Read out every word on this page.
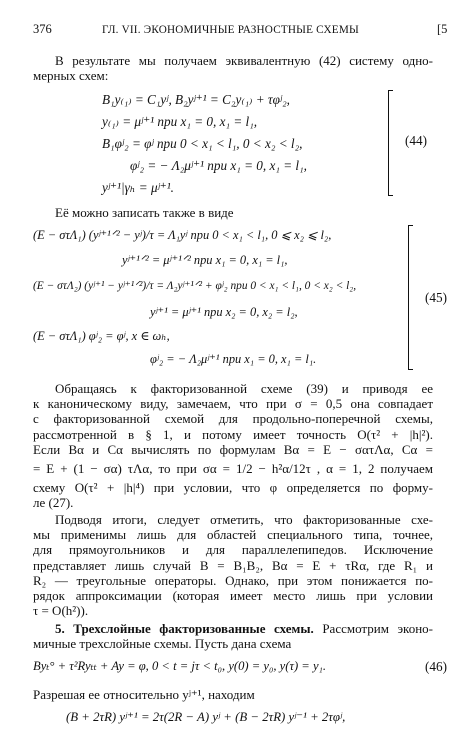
376	ГЛ. VII. ЭКОНОМИЧНЫЕ РАЗНОСТНЫЕ СХЕМЫ	[5
В результате мы получаем эквивалентную (42) систему одно-
мерных схем:
B₁y₍₁₎ = C₁yʲ, B₂yʲ⁺¹ = C₂y₍₁₎ + τφʲ₂,
y₍₁₎ = μʲ⁺¹ при x₁ = 0, x₁ = l₁,
B₁φʲ₂ = φʲ при 0 < x₁ < l₁, 0 < x₂ < l₂,
φʲ₂ = − Λ₂μʲ⁺¹ при x₁ = 0, x₁ = l₁,
yʲ⁺¹|γₕ = μʲ⁺¹.
(44)
Её можно записать также в виде
(E − στΛ₁) (yʲ⁺¹ᐟ² − yʲ)/τ = Λ₁yʲ при 0 < x₁ < l₁, 0 ⩽ x₂ ⩽ l₂,
yʲ⁺¹ᐟ² = μʲ⁺¹ᐟ² при x₁ = 0, x₁ = l₁,
(E − στΛ₂) (yʲ⁺¹ − yʲ⁺¹ᐟ²)/τ = Λ₂yʲ⁺¹ᐟ² + φʲ₂ при 0 < x₁ < l₁, 0 < x₂ < l₂,
yʲ⁺¹ = μʲ⁺¹ при x₂ = 0, x₂ = l₂,
(E − στΛ₁) φʲ₂ = φʲ, x ∈ ωₕ,
φʲ₂ = − Λ₂μʲ⁺¹ при x₁ = 0, x₁ = l₁.
(45)
Обращаясь к факторизованной схеме (39) и приводя ее
к каноническому виду, замечаем, что при σ = 0,5 она совпадает
с факторизованной схемой для продольно-поперечной схемы,
рассмотренной в § 1, и потому имеет точность O(τ² + |h|²).
Если Bα и Cα вычислять по формулам Bα = E − σατΛα, Cα =
= E + (1 − σα) τΛα, то при σα = 1/2 − h²α/12τ , α = 1, 2 получаем
схему O(τ² + |h|⁴) при условии, что φ определяется по форму-
ле (27).
Подводя итоги, следует отметить, что факторизованные схе-
мы применимы лишь для областей специального типа, точнее,
для прямоугольников и для параллелепипедов. Исключение
представляет лишь случай B = B₁B₂, Bα = E + τRα, где R₁ и
R₂ — треугольные операторы. Однако, при этом понижается по-
рядок аппроксимации (которая имеет место лишь при условии
τ = O(h²)).
5. Трехслойные факторизованные схемы. Рассмотрим эконо-
мичные трехслойные схемы. Пусть дана схема
Byₜ° + τ²Ryₜₜ + Ay = φ, 0 < t = jτ < t₀, y(0) = y₀, y(τ) = y₁.	(46)
Разрешая ее относительно yʲ⁺¹, находим
(B + 2τR) yʲ⁺¹ = 2τ(2R − A) yʲ + (B − 2τR) yʲ⁻¹ + 2τφʲ,
